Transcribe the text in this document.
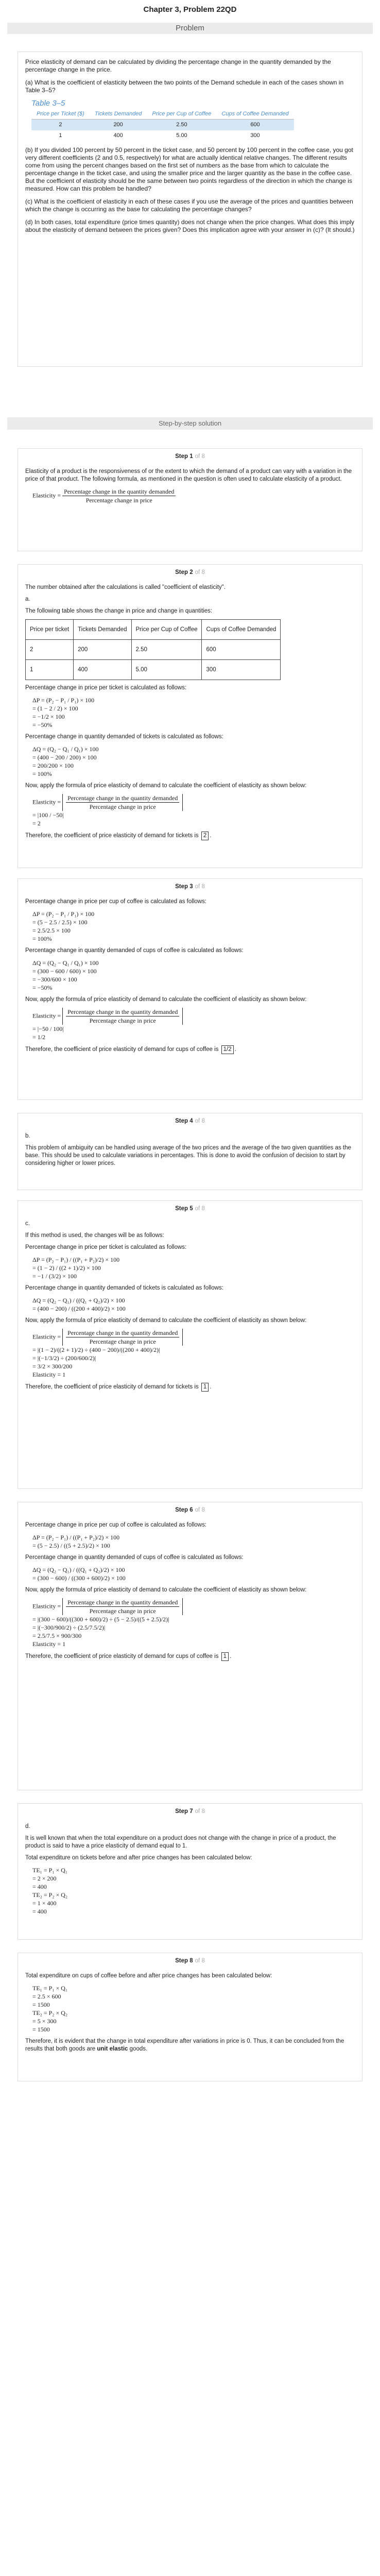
Chapter 3, Problem 22QD
Problem

Price elasticity of demand can be calculated by dividing the percentage change in the quantity demanded by the percentage change in the price.

(a) What is the coefficient of elasticity between the two points of the Demand schedule in each of the cases shown in Table 3–5?

Table 3–5
Price per Ticket ($)	Tickets Demanded	Price per Cup of Coffee	Cups of Coffee Demanded
2	200	2.50	600
1	400	5.00	300

(b) If you divided 100 percent by 50 percent in the ticket case, and 50 percent by 100 percent in the coffee case, you got very different coefficients (2 and 0.5, respectively) for what are actually identical relative changes. The different results come from using the percent changes based on the first set of numbers as the base from which to calculate the percentage change in the ticket case, and using the smaller price and the larger quantity as the base in the coffee case. But the coefficient of elasticity should be the same between two points regardless of the direction in which the change is measured. How can this problem be handled?

(c) What is the coefficient of elasticity in each of these cases if you use the average of the prices and quantities between which the change is occurring as the base for calculating the percentage changes?

(d) In both cases, total expenditure (price times quantity) does not change when the price changes. What does this imply about the elasticity of demand between the prices given? Does this implication agree with your answer in (c)? (It should.)

Step-by-step solution
Step 1 of 8

Elasticity of a product is the responsiveness of or the extent to which the demand of a product can vary with a variation in the price of that product. The following formula, as mentioned in the question is often used to calculate elasticity of a product.

Elasticity = $\frac{\text{Percentage change in the quantity demanded}}{\text{Percentage change in price}}$
Step 2 of 8

The number obtained after the calculations is called "coefficient of elasticity".

a.

The following table shows the change in price and change in quantities:

Price per ticket	Tickets Demanded	Price per Cup of Coffee	Cups of Coffee Demanded
2	200	2.50	600
1	400	5.00	300

Percentage change in price per ticket is calculated as follows:

ΔP = (P₂ − P₁ / P₁) × 100
= (1 − 2 / 2) × 100
= −1/2 × 100
= −50%

Percentage change in quantity demanded of tickets is calculated as follows:

ΔQ = (Q₂ − Q₁ / Q₁) × 100
= (400 − 200 / 200) × 100
= 200/200 × 100
= 100%

Now, apply the formula of price elasticity of demand to calculate the coefficient of elasticity as shown below:

Elasticity = $\frac{\text{Percentage change in the quantity demanded}}{\text{Percentage change in price}}$
= |100 / −50|
= 2

Therefore, the coefficient of price elasticity of demand for tickets is 2 .

Step 3 of 8

Percentage change in price per cup of coffee is calculated as follows:

ΔP = (P₂ − P₁ / P₁) × 100
= (5 − 2.5 / 2.5) × 100
= 2.5/2.5 × 100
= 100%

Percentage change in quantity demanded of cups of coffee is calculated as follows:

ΔQ = (Q₂ − Q₁ / Q₁) × 100
= (300 − 600 / 600) × 100
= −300/600 × 100
= −50%

Now, apply the formula of price elasticity of demand to calculate the coefficient of elasticity as shown below:

Elasticity = $\frac{\text{Percentage change in the quantity demanded}}{\text{Percentage change in price}}$
= |−50 / 100|
= 1/2

Therefore, the coefficient of price elasticity of demand for cups of coffee is 1/2 .

Step 4 of 8

b.

This problem of ambiguity can be handled using average of the two prices and the average of the two given quantities as the base. This should be used to calculate variations in percentages. This is done to avoid the confusion of decision to start by considering higher or lower prices.

Step 5 of 8

c.

If this method is used, the changes will be as follows:

Percentage change in price per ticket is calculated as follows:

ΔP = (P₂ − P₁) / ((P₁ + P₂)/2) × 100
= (1 − 2) / ((2 + 1)/2) × 100
= −1 / (3/2) × 100

Percentage change in quantity demanded of tickets is calculated as follows:

ΔQ = (Q₂ − Q₁) / ((Q₁ + Q₂)/2) × 100
= (400 − 200) / ((200 + 400)/2) × 100

Now, apply the formula of price elasticity of demand to calculate the coefficient of elasticity as shown below:

Elasticity = $\frac{\text{Percentage change in the quantity demanded}}{\text{Percentage change in price}}$
= |(1 − 2)/((2 + 1)/2) ÷ (400 − 200)/((200 + 400)/2)|
= |(−1/3/2) ÷ (200/600/2)|
= 3/2 × 300/200
Elasticity = 1

Therefore, the coefficient of price elasticity of demand for tickets is 1 .

Step 6 of 8

Percentage change in price per cup of coffee is calculated as follows:

ΔP = (P₂ − P₁) / ((P₁ + P₂)/2) × 100
= (5 − 2.5) / ((5 + 2.5)/2) × 100

Percentage change in quantity demanded of cups of coffee is calculated as follows:

ΔQ = (Q₂ − Q₁) / ((Q₁ + Q₂)/2) × 100
= (300 − 600) / ((300 + 600)/2) × 100

Now, apply the formula of price elasticity of demand to calculate the coefficient of elasticity as shown below:

Elasticity = $\frac{\text{Percentage change in the quantity demanded}}{\text{Percentage change in price}}$
= |(300 − 600)/((300 + 600)/2) ÷ (5 − 2.5)/((5 + 2.5)/2)|
= |(−300/900/2) ÷ (2.5/7.5/2)|
= 2.5/7.5 × 900/300
Elasticity = 1

Therefore, the coefficient of price elasticity of demand for cups of coffee is 1 .

Step 7 of 8

d.

It is well known that when the total expenditure on a product does not change with the change in price of a product, the product is said to have a price elasticity of demand equal to 1.

Total expenditure on tickets before and after price changes has been calculated below:

TE₁ = P₁ × Q₁
= 2 × 200
= 400
TE₂ = P₂ × Q₂
= 1 × 400
= 400
Step 8 of 8

Total expenditure on cups of coffee before and after price changes has been calculated below:

TE₁ = P₁ × Q₁
= 2.5 × 600
= 1500
TE₂ = P₂ × Q₂
= 5 × 300
= 1500

Therefore, it is evident that the change in total expenditure after variations in price is 0. Thus, it can be concluded from the results that both goods are unit elastic goods.
